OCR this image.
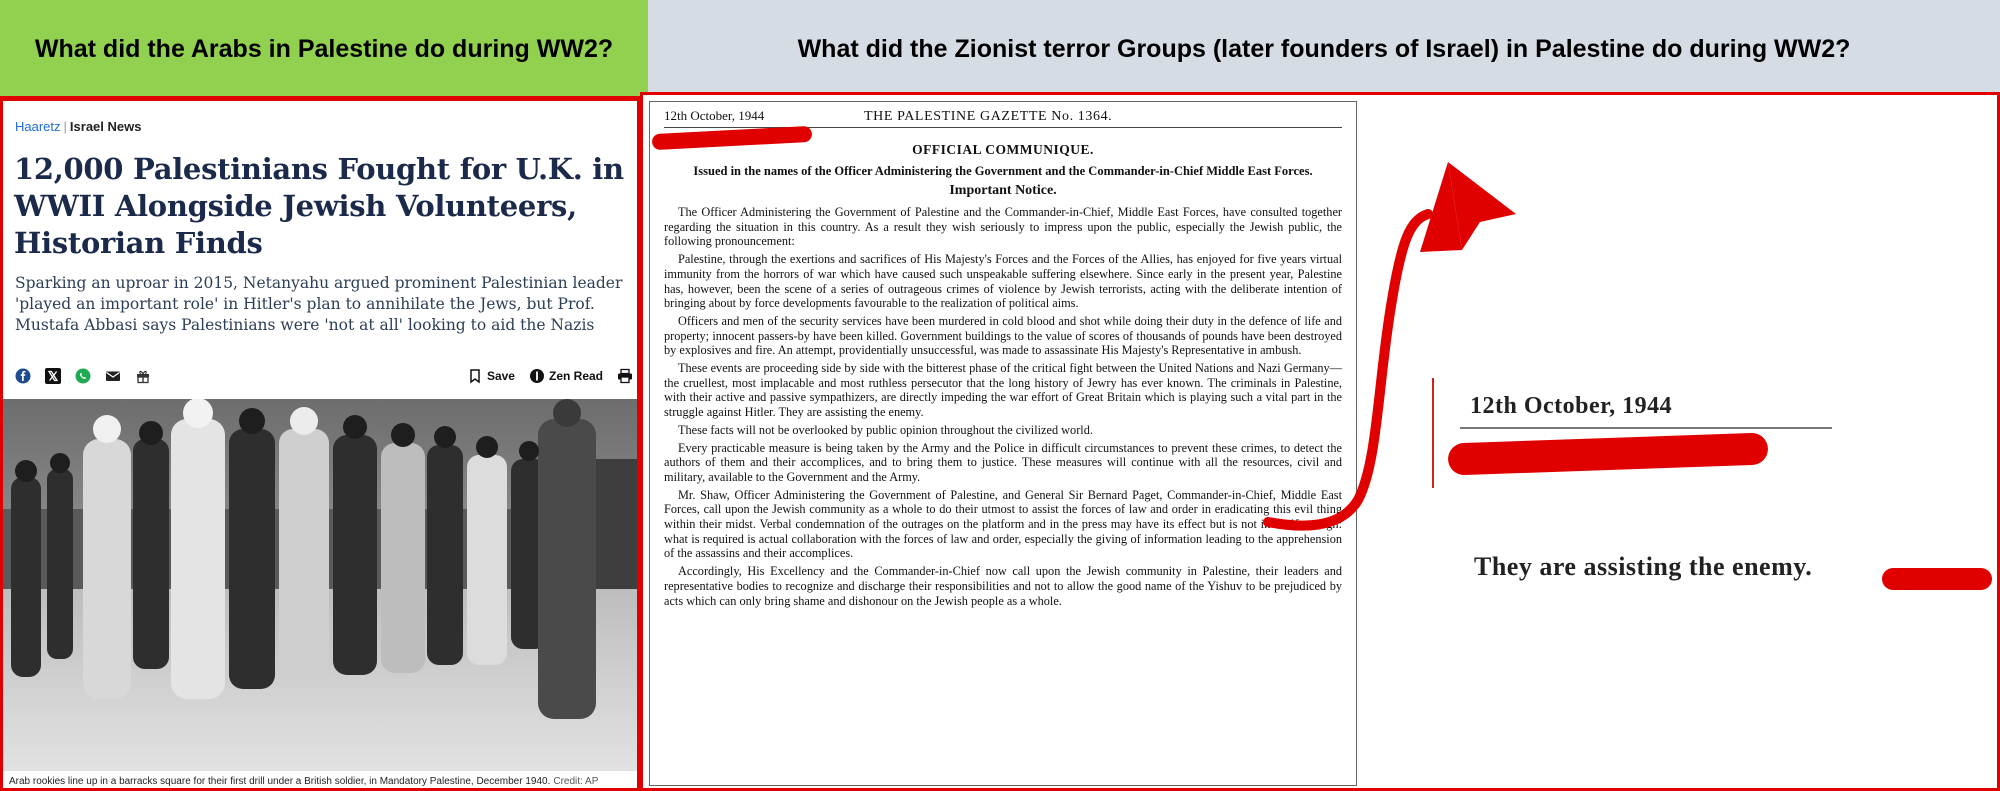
What did the Arabs in Palestine do during WW2?	What did the Zionist terror Groups (later founders of Israel) in Palestine do during WW2?
Haaretz | Israel News
12,000 Palestinians Fought for U.K. in WWII Alongside Jewish Volunteers, Historian Finds
Sparking an uproar in 2015, Netanyahu argued prominent Palestinian leader 'played an important role' in Hitler's plan to annihilate the Jews, but Prof. Mustafa Abbasi says Palestinians were 'not at all' looking to aid the Nazis
Save	Zen Read
Arab rookies line up in a barracks square for their first drill under a British soldier, in Mandatory Palestine, December 1940. Credit: AP
12th October, 1944	THE PALESTINE GAZETTE No. 1364.
OFFICIAL COMMUNIQUE.
Issued in the names of the Officer Administering the Government and the Commander-in-Chief Middle East Forces.
Important Notice.

The Officer Administering the Government of Palestine and the Commander-in-Chief, Middle East Forces, have consulted together regarding the situation in this country. As a result they wish seriously to impress upon the public, especially the Jewish public, the following pronouncement:

Palestine, through the exertions and sacrifices of His Majesty's Forces and the Forces of the Allies, has enjoyed for five years virtual immunity from the horrors of war which have caused such unspeakable suffering elsewhere. Since early in the present year, Palestine has, however, been the scene of a series of outrageous crimes of violence by Jewish terrorists, acting with the deliberate intention of bringing about by force developments favourable to the realization of political aims.

Officers and men of the security services have been murdered in cold blood and shot while doing their duty in the defence of life and property; innocent passers-by have been killed. Government buildings to the value of scores of thousands of pounds have been destroyed by explosives and fire. An attempt, providentially unsuccessful, was made to assassinate His Majesty's Representative in ambush.

These events are proceeding side by side with the bitterest phase of the critical fight between the United Nations and Nazi Germany—the cruellest, most implacable and most ruthless persecutor that the long history of Jewry has ever known. The criminals in Palestine, with their active and passive sympathizers, are directly impeding the war effort of Great Britain which is playing such a vital part in the struggle against Hitler. They are assisting the enemy.

These facts will not be overlooked by public opinion throughout the civilized world.

Every practicable measure is being taken by the Army and the Police in difficult circumstances to prevent these crimes, to detect the authors of them and their accomplices, and to bring them to justice. These measures will continue with all the resources, civil and military, available to the Government and the Army.

Mr. Shaw, Officer Administering the Government of Palestine, and General Sir Bernard Paget, Commander-in-Chief, Middle East Forces, call upon the Jewish community as a whole to do their utmost to assist the forces of law and order in eradicating this evil thing within their midst. Verbal condemnation of the outrages on the platform and in the press may have its effect but is not in itself enough: what is required is actual collaboration with the forces of law and order, especially the giving of information leading to the apprehension of the assassins and their accomplices.

Accordingly, His Excellency and the Commander-in-Chief now call upon the Jewish community in Palestine, their leaders and representative bodies to recognize and discharge their responsibilities and not to allow the good name of the Yishuv to be prejudiced by acts which can only bring shame and dishonour on the Jewish people as a whole.

12th October, 1944
They are assisting the enemy.
